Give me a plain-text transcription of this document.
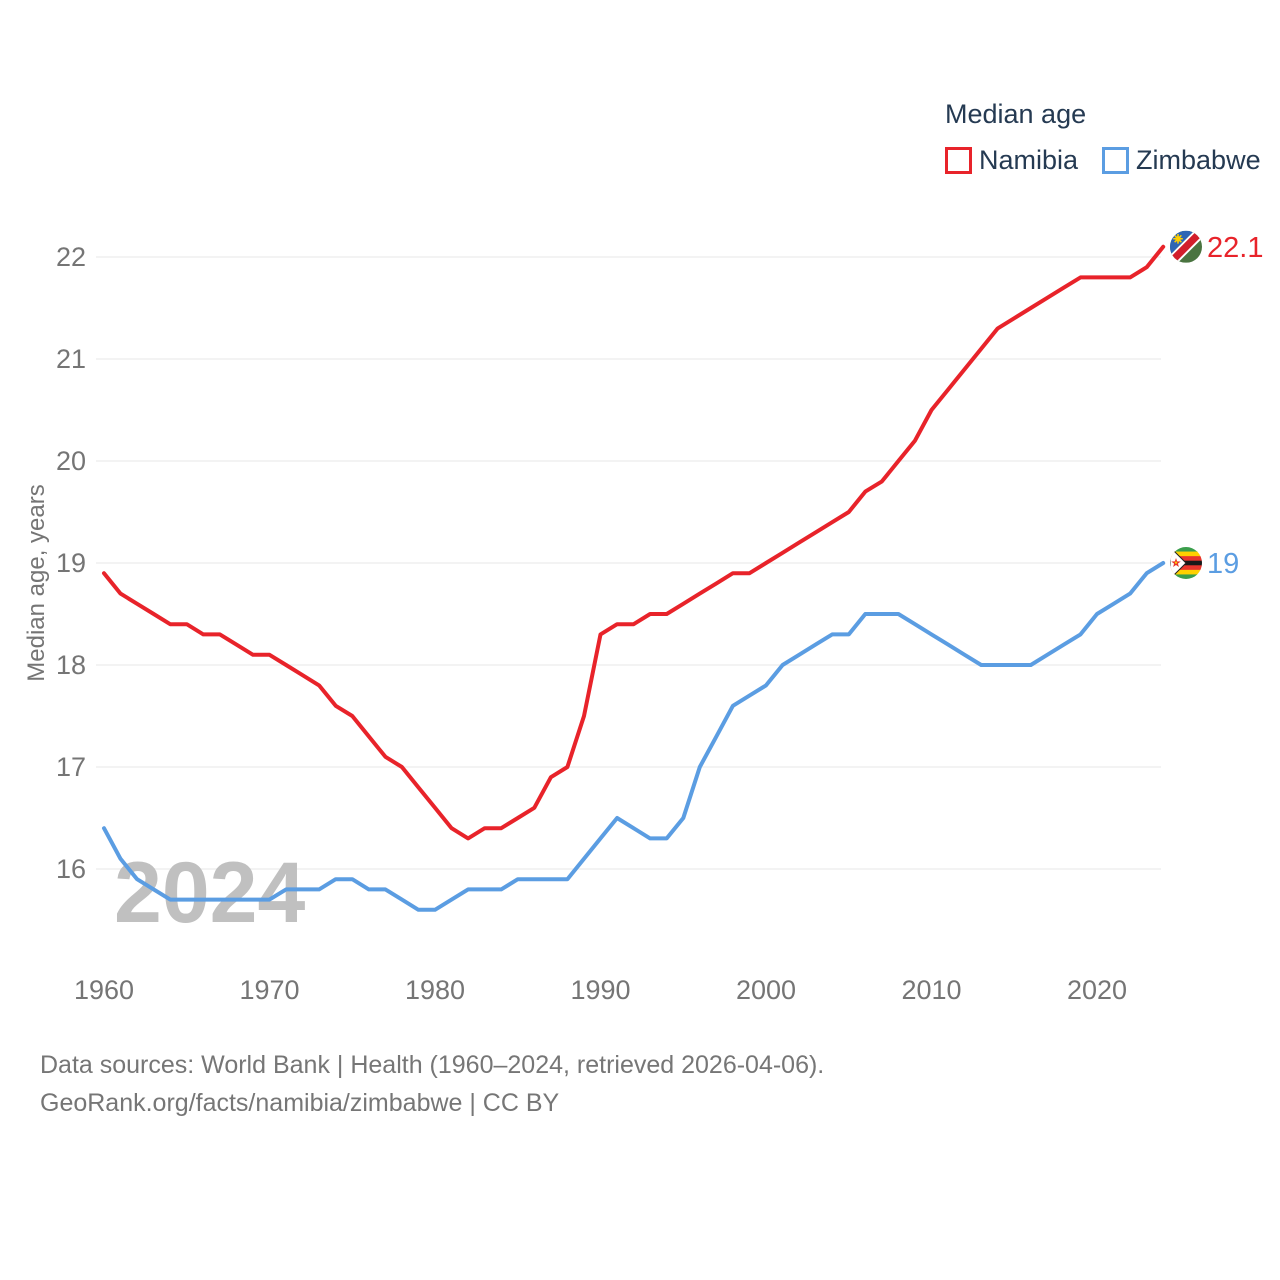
16
17
18
19
20
21
22
1960	1970	1980	1990	2000	2010	2020
Median age, years
2024
22.1
19
Median age
Namibia Zimbabwe
Data sources: World Bank | Health (1960–2024, retrieved 2026-04-06).
GeoRank.org/facts/namibia/zimbabwe | CC BY
